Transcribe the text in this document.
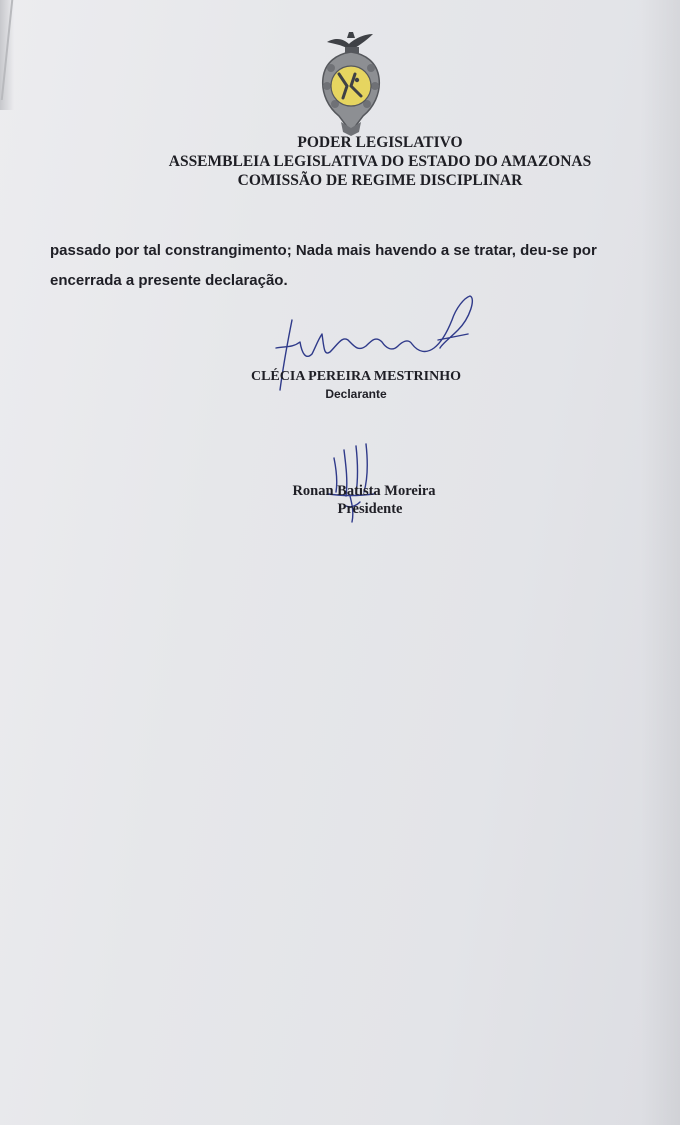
PODER LEGISLATIVO
ASSEMBLEIA LEGISLATIVA DO ESTADO DO AMAZONAS
COMISSÃO DE REGIME DISCIPLINAR
passado por tal constrangimento; Nada mais havendo a se tratar, deu-se por
encerrada a presente declaração.
CLÉCIA PEREIRA MESTRINHO
Declarante
Ronan Batista Moreira
Presidente
